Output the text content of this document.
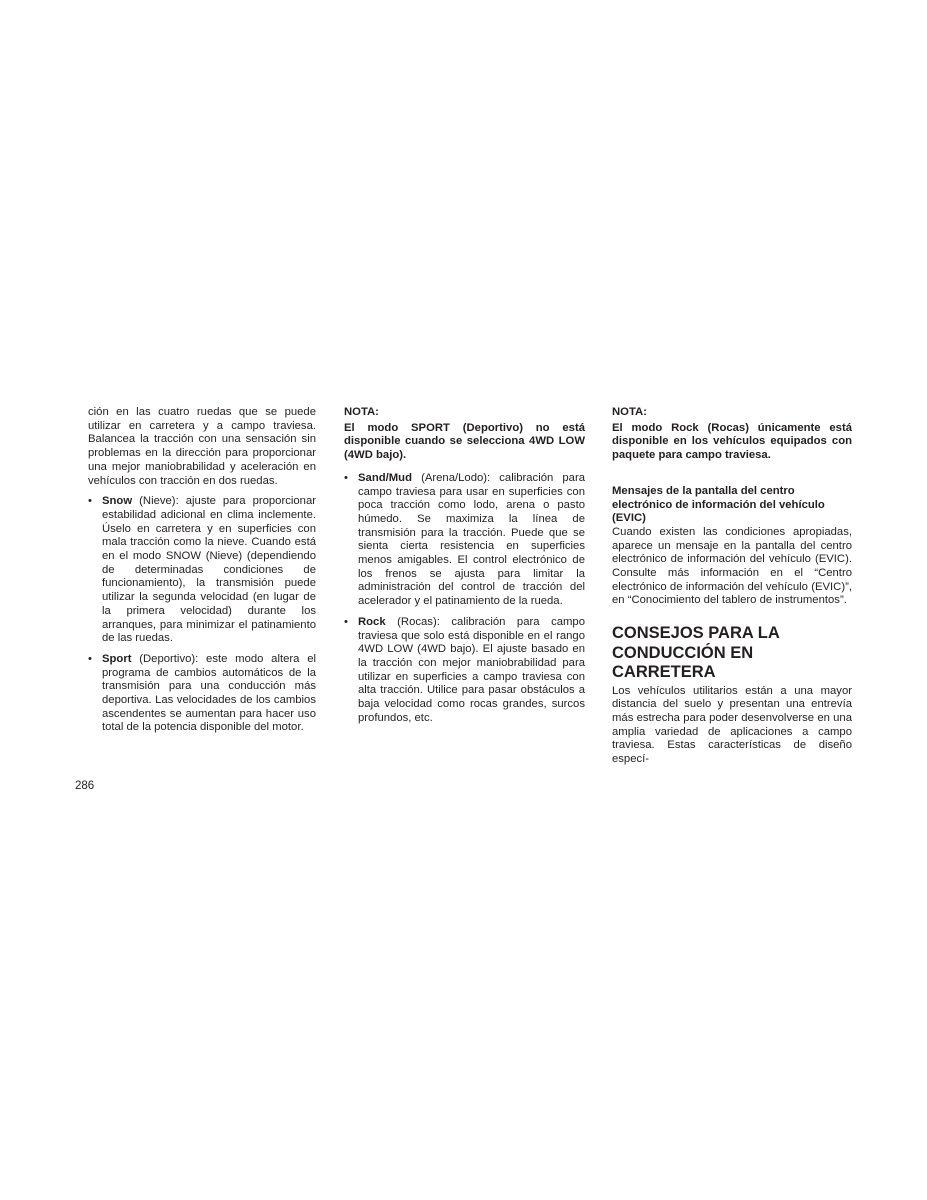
ción en las cuatro ruedas que se puede utilizar en carretera y a campo traviesa. Balancea la tracción con una sensación sin problemas en la dirección para proporcionar una mejor maniobrabilidad y aceleración en vehículos con tracción en dos ruedas.

• Snow (Nieve): ajuste para proporcionar estabilidad adicional en clima inclemente. Úselo en carretera y en superficies con mala tracción como la nieve. Cuando está en el modo SNOW (Nieve) (dependiendo de determinadas condiciones de funcionamiento), la transmisión puede utilizar la segunda velocidad (en lugar de la primera velocidad) durante los arranques, para minimizar el patinamiento de las ruedas.
• Sport (Deportivo): este modo altera el programa de cambios automáticos de la transmisión para una conducción más deportiva. Las velocidades de los cambios ascendentes se aumentan para hacer uso total de la potencia disponible del motor.
NOTA:

El modo SPORT (Deportivo) no está disponible cuando se selecciona 4WD LOW (4WD bajo).

• Sand/Mud (Arena/Lodo): calibración para campo traviesa para usar en superficies con poca tracción como lodo, arena o pasto húmedo. Se maximiza la línea de transmisión para la tracción. Puede que se sienta cierta resistencia en superficies menos amigables. El control electrónico de los frenos se ajusta para limitar la administración del control de tracción del acelerador y el patinamiento de la rueda.
• Rock (Rocas): calibración para campo traviesa que solo está disponible en el rango 4WD LOW (4WD bajo). El ajuste basado en la tracción con mejor maniobrabilidad para utilizar en superficies a campo traviesa con alta tracción. Utilice para pasar obstáculos a baja velocidad como rocas grandes, surcos profundos, etc.
NOTA:

El modo Rock (Rocas) únicamente está disponible en los vehículos equipados con paquete para campo traviesa.

Mensajes de la pantalla del centro electrónico de información del vehículo (EVIC)

Cuando existen las condiciones apropiadas, aparece un mensaje en la pantalla del centro electrónico de información del vehículo (EVIC). Consulte más información en el “Centro electrónico de información del vehículo (EVIC)”, en “Conocimiento del tablero de instrumentos”.

CONSEJOS PARA LA CONDUCCIÓN EN CARRETERA

Los vehículos utilitarios están a una mayor distancia del suelo y presentan una entrevía más estrecha para poder desenvolverse en una amplia variedad de aplicaciones a campo traviesa. Estas características de diseño especí-

286
